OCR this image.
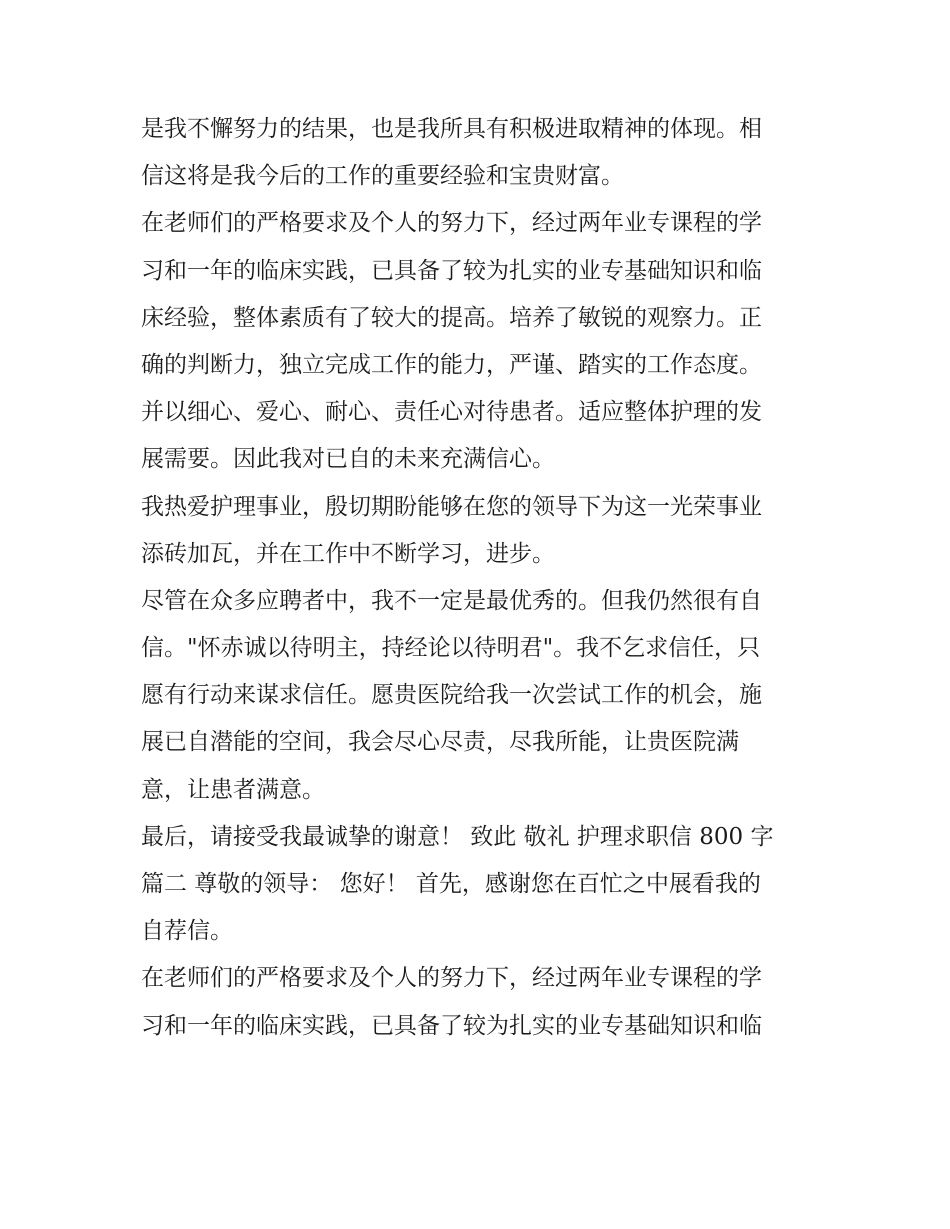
是我不懈努力的结果，也是我所具有积极进取精神的体现。相
信这将是我今后的工作的重要经验和宝贵财富。
在老师们的严格要求及个人的努力下，经过两年业专课程的学
习和一年的临床实践，已具备了较为扎实的业专基础知识和临
床经验，整体素质有了较大的提高。培养了敏锐的观察力。正
确的判断力，独立完成工作的能力，严谨、踏实的工作态度。
并以细心、爱心、耐心、责任心对待患者。适应整体护理的发
展需要。因此我对已自的未来充满信心。
我热爱护理事业，殷切期盼能够在您的领导下为这一光荣事业
添砖加瓦，并在工作中不断学习，进步。
尽管在众多应聘者中，我不一定是最优秀的。但我仍然很有自
信。"怀赤诚以待明主，持经论以待明君"。我不乞求信任，只
愿有行动来谋求信任。愿贵医院给我一次尝试工作的机会，施
展已自潜能的空间，我会尽心尽责，尽我所能，让贵医院满
意，让患者满意。
最后，请接受我最诚挚的谢意！ 致此 敬礼 护理求职信 800 字
篇二 尊敬的领导： 您好！ 首先，感谢您在百忙之中展看我的
自荐信。
在老师们的严格要求及个人的努力下，经过两年业专课程的学
习和一年的临床实践，已具备了较为扎实的业专基础知识和临
